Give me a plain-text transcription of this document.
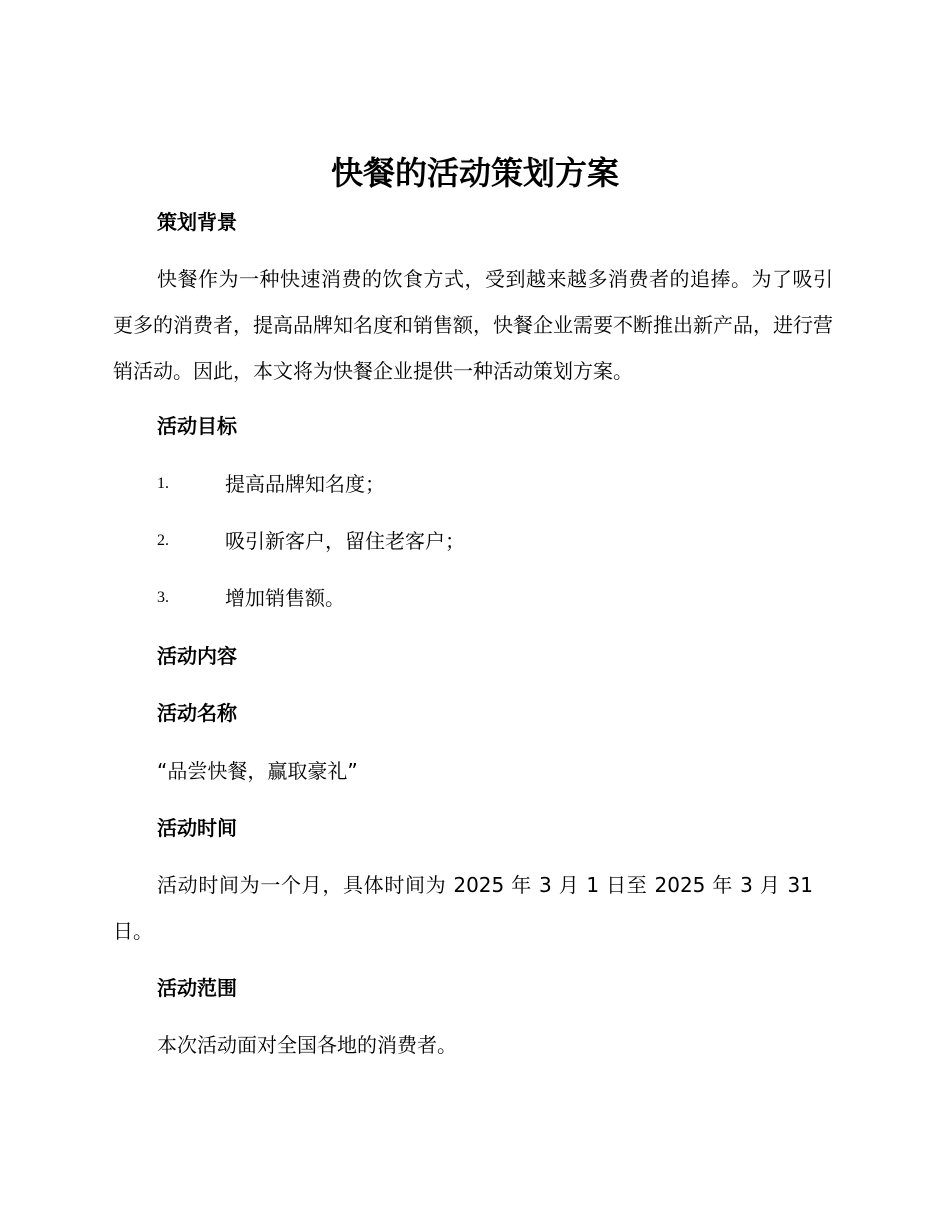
快餐的活动策划方案
策划背景
快餐作为一种快速消费的饮食方式，受到越来越多消费者的追捧。为了吸引更多的消费者，提高品牌知名度和销售额，快餐企业需要不断推出新产品，进行营销活动。因此，本文将为快餐企业提供一种活动策划方案。
活动目标
1.	提高品牌知名度；
2.	吸引新客户，留住老客户；
3.	增加销售额。
活动内容
活动名称
“品尝快餐，赢取豪礼”
活动时间
活动时间为一个月，具体时间为 2025 年 3 月 1 日至 2025 年 3 月 31 日。
活动范围
本次活动面对全国各地的消费者。
